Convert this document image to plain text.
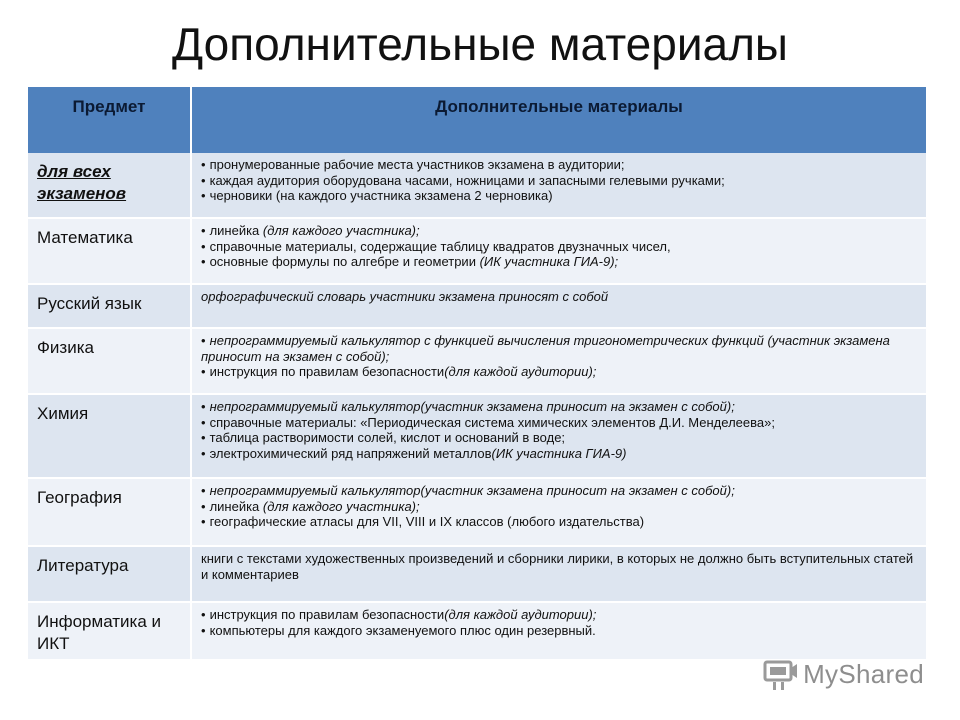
Дополнительные материалы
Предмет	Дополнительные материалы
для всех экзаменов	• пронумерованные рабочие места участников экзамена в аудитории;
• каждая аудитория оборудована часами, ножницами и запасными гелевыми ручками;
• черновики (на каждого участника экзамена 2 черновика)

Математика	• линейка (для каждого участника);
• справочные материалы, содержащие таблицу квадратов двузначных чисел,
• основные формулы по алгебре и геометрии (ИК участника ГИА-9);

Русский язык	орфографический словарь участники экзамена приносят с собой

Физика	• непрограммируемый калькулятор с функцией вычисления тригонометрических функций (участник экзамена приносит на экзамен с собой);
• инструкция по правилам безопасности(для каждой аудитории);

Химия	• непрограммируемый калькулятор(участник экзамена приносит на экзамен с собой);
• справочные материалы: «Периодическая система химических элементов Д.И. Менделеева»;
• таблица растворимости солей, кислот и оснований в воде;
• электрохимический ряд напряжений металлов(ИК участника ГИА-9)

География	• непрограммируемый калькулятор(участник экзамена приносит на экзамен с собой);
• линейка (для каждого участника);
• географические атласы для VII, VIII и IX классов (любого издательства)

Литература	книги с текстами художественных произведений и сборники лирики, в которых не должно быть вступительных статей и комментариев

Информатика и ИКТ	• инструкция по правилам безопасности(для каждой аудитории);
• компьютеры для каждого экзаменуемого плюс один резервный.
MyShared
